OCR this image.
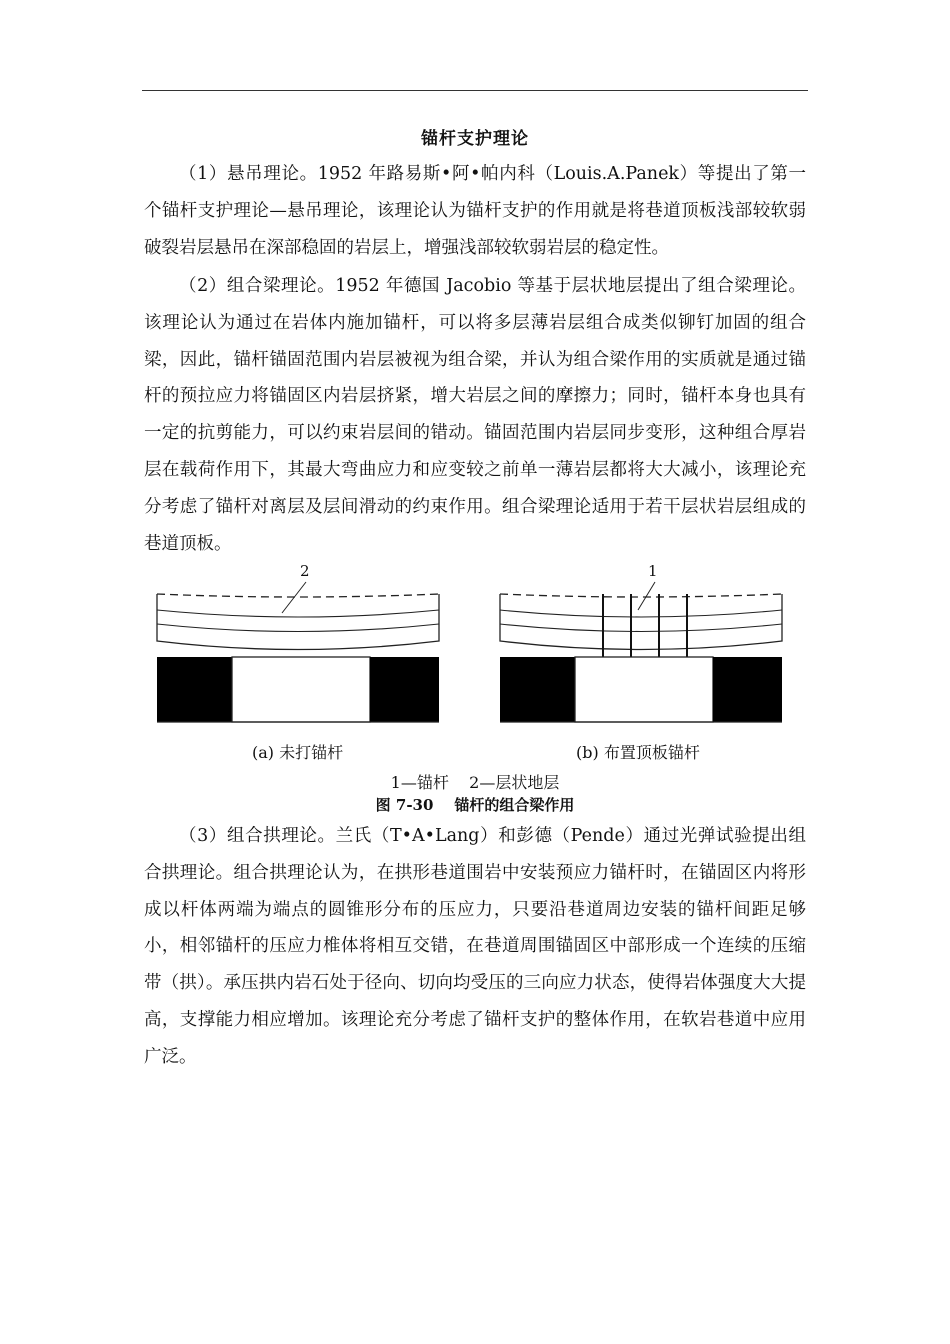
锚杆支护理论

（1）悬吊理论。1952 年路易斯•阿•帕内科（Louis.A.Panek）等提出了第一个锚杆支护理论—悬吊理论，该理论认为锚杆支护的作用就是将巷道顶板浅部较软弱破裂岩层悬吊在深部稳固的岩层上，增强浅部较软弱岩层的稳定性。

（2）组合梁理论。1952 年德国 Jacobio 等基于层状地层提出了组合梁理论。该理论认为通过在岩体内施加锚杆，可以将多层薄岩层组合成类似铆钉加固的组合梁，因此，锚杆锚固范围内岩层被视为组合梁，并认为组合梁作用的实质就是通过锚杆的预拉应力将锚固区内岩层挤紧，增大岩层之间的摩擦力；同时，锚杆本身也具有一定的抗剪能力，可以约束岩层间的错动。锚固范围内岩层同步变形，这种组合厚岩层在载荷作用下，其最大弯曲应力和应变较之前单一薄岩层都将大大减小，该理论充分考虑了锚杆对离层及层间滑动的约束作用。组合梁理论适用于若干层状岩层组成的巷道顶板。

2	1
(a) 未打锚杆	(b) 布置顶板锚杆
1—锚杆    2—层状地层
图 7-30    锚杆的组合梁作用

（3）组合拱理论。兰氏（T•A•Lang）和彭德（Pende）通过光弹试验提出组合拱理论。组合拱理论认为，在拱形巷道围岩中安装预应力锚杆时，在锚固区内将形成以杆体两端为端点的圆锥形分布的压应力，只要沿巷道周边安装的锚杆间距足够小，相邻锚杆的压应力椎体将相互交错，在巷道周围锚固区中部形成一个连续的压缩带（拱）。承压拱内岩石处于径向、切向均受压的三向应力状态，使得岩体强度大大提高，支撑能力相应增加。该理论充分考虑了锚杆支护的整体作用，在软岩巷道中应用广泛。
